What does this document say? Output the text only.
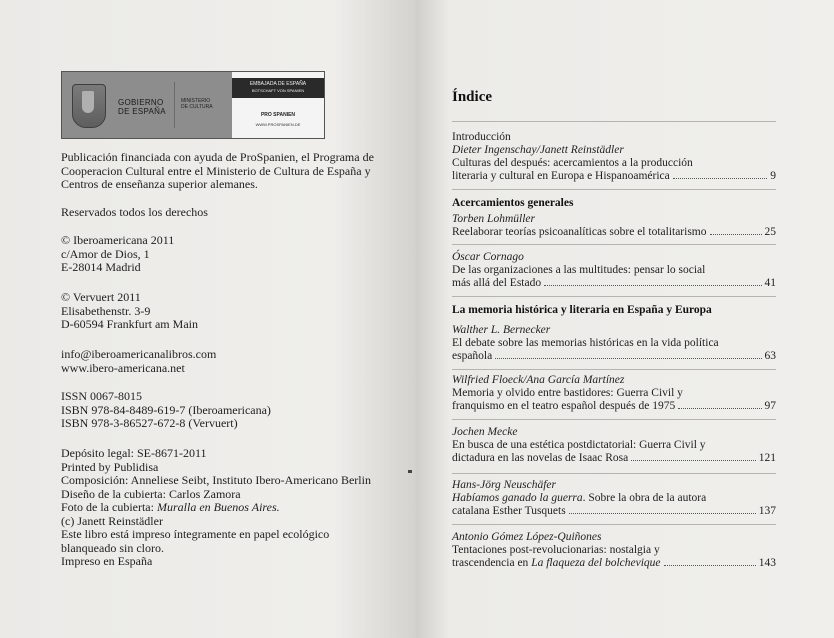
GOBIERNO
DE ESPAÑA
MINISTERIO
DE CULTURA
EMBAJADA DE ESPAÑA
BOTSCHAFT VON SPANIEN
PRO SPANIEN
WWW.PROSPANIEN.DE
Publicación financiada con ayuda de ProSpanien, el Programa de
Cooperacion Cultural entre el Ministerio de Cultura de España y
Centros de enseñanza superior alemanes.
Reservados todos los derechos
© Iberoamericana 2011
c/Amor de Dios, 1
E-28014 Madrid
© Vervuert 2011
Elisabethenstr. 3-9
D-60594 Frankfurt am Main
info@iberoamericanalibros.com
www.ibero-americana.net
ISSN 0067-8015
ISBN 978-84-8489-619-7 (Iberoamericana)
ISBN 978-3-86527-672-8 (Vervuert)
Depósito legal: SE-8671-2011
Printed by Publidisa
Composición: Anneliese Seibt, Instituto Ibero-Americano Berlin
Diseño de la cubierta: Carlos Zamora
Foto de la cubierta: Muralla en Buenos Aires.
(c) Janett Reinstädler
Este libro está impreso íntegramente en papel ecológico
blanqueado sin cloro.
Impreso en España
Índice
Introducción
Dieter Ingenschay/Janett Reinstädler
Culturas del después: acercamientos a la producción
literaria y cultural en Europa e Hispanoamérica	9
Acercamientos generales
Torben Lohmüller
Reelaborar teorías psicoanalíticas sobre el totalitarismo	25
Óscar Cornago
De las organizaciones a las multitudes: pensar lo social
más allá del Estado	41
La memoria histórica y literaria en España y Europa
Walther L. Bernecker
El debate sobre las memorias históricas en la vida política
española	63
Wilfried Floeck/Ana García Martínez
Memoria y olvido entre bastidores: Guerra Civil y
franquismo en el teatro español después de 1975	97
Jochen Mecke
En busca de una estética postdictatorial: Guerra Civil y
dictadura en las novelas de Isaac Rosa	121
Hans-Jörg Neuschäfer
Habíamos ganado la guerra. Sobre la obra de la autora
catalana Esther Tusquets	137
Antonio Gómez López-Quiñones
Tentaciones post-revolucionarias: nostalgia y
trascendencia en La flaqueza del bolchevique	143
